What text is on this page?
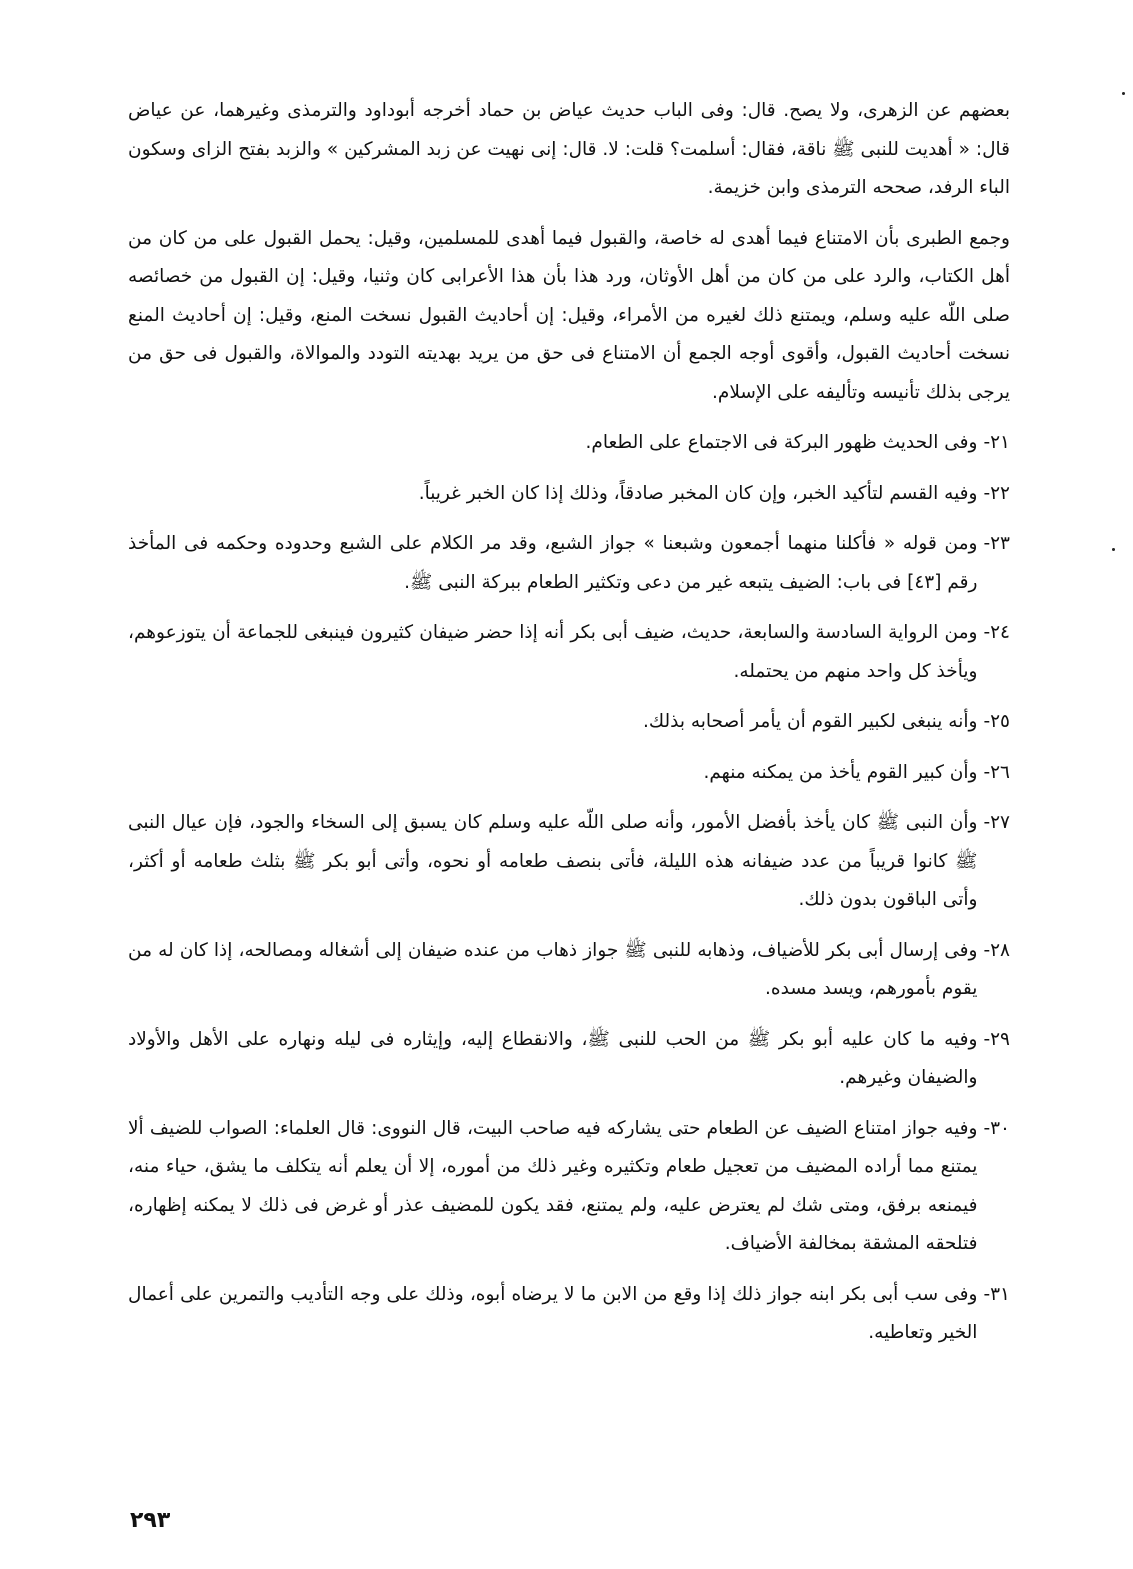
بعضهم عن الزهرى، ولا يصح. قال: وفى الباب حديث عياض بن حماد أخرجه أبوداود والترمذى وغيرهما، عن عياض قال: « أهديت للنبى ﷺ ناقة، فقال: أسلمت؟ قلت: لا. قال: إنى نهيت عن زبد المشركين » والزبد بفتح الزاى وسكون الباء الرفد، صححه الترمذى وابن خزيمة.

وجمع الطبرى بأن الامتناع فيما أهدى له خاصة، والقبول فيما أهدى للمسلمين، وقيل: يحمل القبول على من كان من أهل الكتاب، والرد على من كان من أهل الأوثان، ورد هذا بأن هذا الأعرابى كان وثنيا، وقيل: إن القبول من خصائصه صلى اللّه عليه وسلم، ويمتنع ذلك لغيره من الأمراء، وقيل: إن أحاديث القبول نسخت المنع، وقيل: إن أحاديث المنع نسخت أحاديث القبول، وأقوى أوجه الجمع أن الامتناع فى حق من يريد بهديته التودد والموالاة، والقبول فى حق من يرجى بذلك تأنيسه وتأليفه على الإسلام.

٢١-
وفى الحديث ظهور البركة فى الاجتماع على الطعام.
٢٢-
وفيه القسم لتأكيد الخبر، وإن كان المخبر صادقاً، وذلك إذا كان الخبر غريباً.
٢٣-
ومن قوله « فأكلنا منهما أجمعون وشبعنا » جواز الشبع، وقد مر الكلام على الشبع وحدوده وحكمه فى المأخذ رقم [٤٣] فى باب: الضيف يتبعه غير من دعى وتكثير الطعام ببركة النبى ﷺ.
٢٤-
ومن الرواية السادسة والسابعة، حديث، ضيف أبى بكر أنه إذا حضر ضيفان كثيرون فينبغى للجماعة أن يتوزعوهم، ويأخذ كل واحد منهم من يحتمله.
٢٥-
وأنه ينبغى لكبير القوم أن يأمر أصحابه بذلك.
٢٦-
وأن كبير القوم يأخذ من يمكنه منهم.
٢٧-
وأن النبى ﷺ كان يأخذ بأفضل الأمور، وأنه صلى اللّه عليه وسلم كان يسبق إلى السخاء والجود، فإن عيال النبى ﷺ كانوا قريباً من عدد ضيفانه هذه الليلة، فأتى بنصف طعامه أو نحوه، وأتى أبو بكر ﷺ بثلث طعامه أو أكثر، وأتى الباقون بدون ذلك.
٢٨-
وفى إرسال أبى بكر للأضياف، وذهابه للنبى ﷺ جواز ذهاب من عنده ضيفان إلى أشغاله ومصالحه، إذا كان له من يقوم بأمورهم، ويسد مسده.
٢٩-
وفيه ما كان عليه أبو بكر ﷺ من الحب للنبى ﷺ، والانقطاع إليه، وإيثاره فى ليله ونهاره على الأهل والأولاد والضيفان وغيرهم.
٣٠-
وفيه جواز امتناع الضيف عن الطعام حتى يشاركه فيه صاحب البيت، قال النووى: قال العلماء: الصواب للضيف ألا يمتنع مما أراده المضيف من تعجيل طعام وتكثيره وغير ذلك من أموره، إلا أن يعلم أنه يتكلف ما يشق، حياء منه، فيمنعه برفق، ومتى شك لم يعترض عليه، ولم يمتنع، فقد يكون للمضيف عذر أو غرض فى ذلك لا يمكنه إظهاره، فتلحقه المشقة بمخالفة الأضياف.
٣١-
وفى سب أبى بكر ابنه جواز ذلك إذا وقع من الابن ما لا يرضاه أبوه، وذلك على وجه التأديب والتمرين على أعمال الخير وتعاطيه.
٢٩٣
